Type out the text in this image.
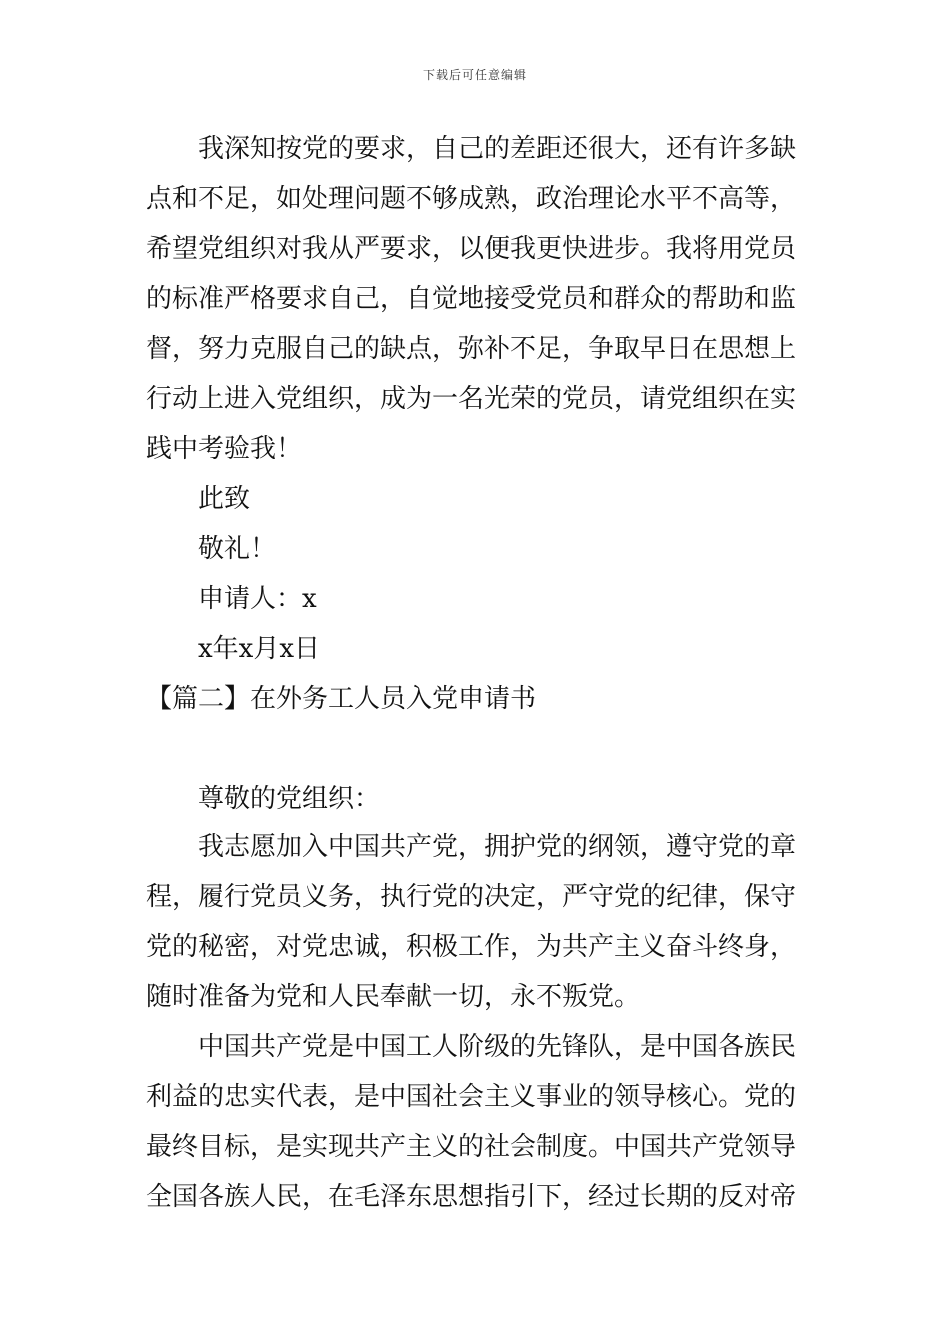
下载后可任意编辑
我深知按党的要求，自己的差距还很大，还有许多缺
点和不足，如处理问题不够成熟，政治理论水平不高等，
希望党组织对我从严要求，以便我更快进步。我将用党员
的标准严格要求自己，自觉地接受党员和群众的帮助和监
督，努力克服自己的缺点，弥补不足，争取早日在思想上
行动上进入党组织，成为一名光荣的党员，请党组织在实
践中考验我！
此致
敬礼！
申请人：x
x年x月x日
【篇二】在外务工人员入党申请书
尊敬的党组织：
我志愿加入中国共产党，拥护党的纲领，遵守党的章
程，履行党员义务，执行党的决定，严守党的纪律，保守
党的秘密，对党忠诚，积极工作，为共产主义奋斗终身，
随时准备为党和人民奉献一切，永不叛党。
中国共产党是中国工人阶级的先锋队，是中国各族民
利益的忠实代表，是中国社会主义事业的领导核心。党的
最终目标，是实现共产主义的社会制度。中国共产党领导
全国各族人民，在毛泽东思想指引下，经过长期的反对帝
